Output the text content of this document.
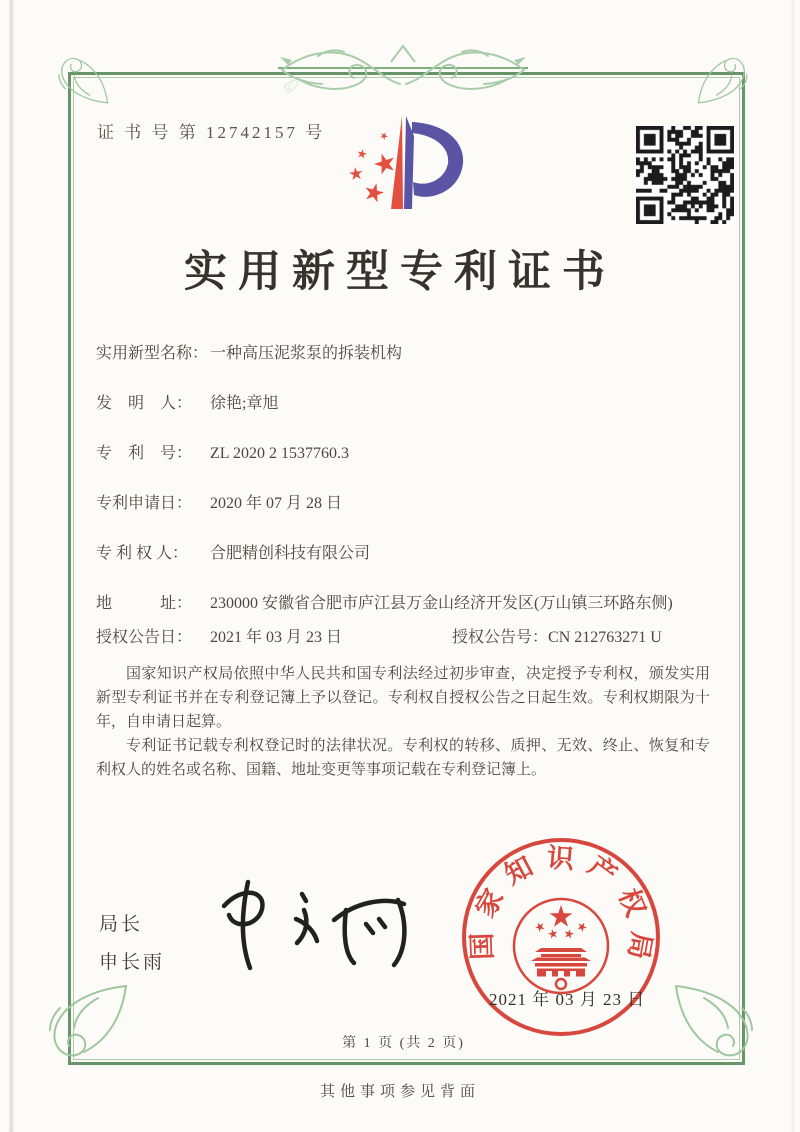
证 书 号 第 12742157 号
实用新型专利证书
实用新型名称： 一种高压泥浆泵的拆装机构
发　明　人：	徐艳;章旭
专　利　号：	ZL 2020 2 1537760.3
专利申请日：	2020 年 07 月 28 日
专 利 权 人：	合肥精创科技有限公司
地　　　址：	230000 安徽省合肥市庐江县万金山经济开发区(万山镇三环路东侧)
授权公告日：	2021 年 03 月 23 日	授权公告号： CN 212763271 U

国家知识产权局依照中华人民共和国专利法经过初步审查，决定授予专利权，颁发实用新型专利证书并在专利登记簿上予以登记。专利权自授权公告之日起生效。专利权期限为十年，自申请日起算。

专利证书记载专利权登记时的法律状况。专利权的转移、质押、无效、终止、恢复和专利权人的姓名或名称、国籍、地址变更等事项记载在专利登记簿上。

局长
申长雨
国家知识产权局
2021 年 03 月 23 日
第 1 页 (共 2 页)
其他事项参见背面
